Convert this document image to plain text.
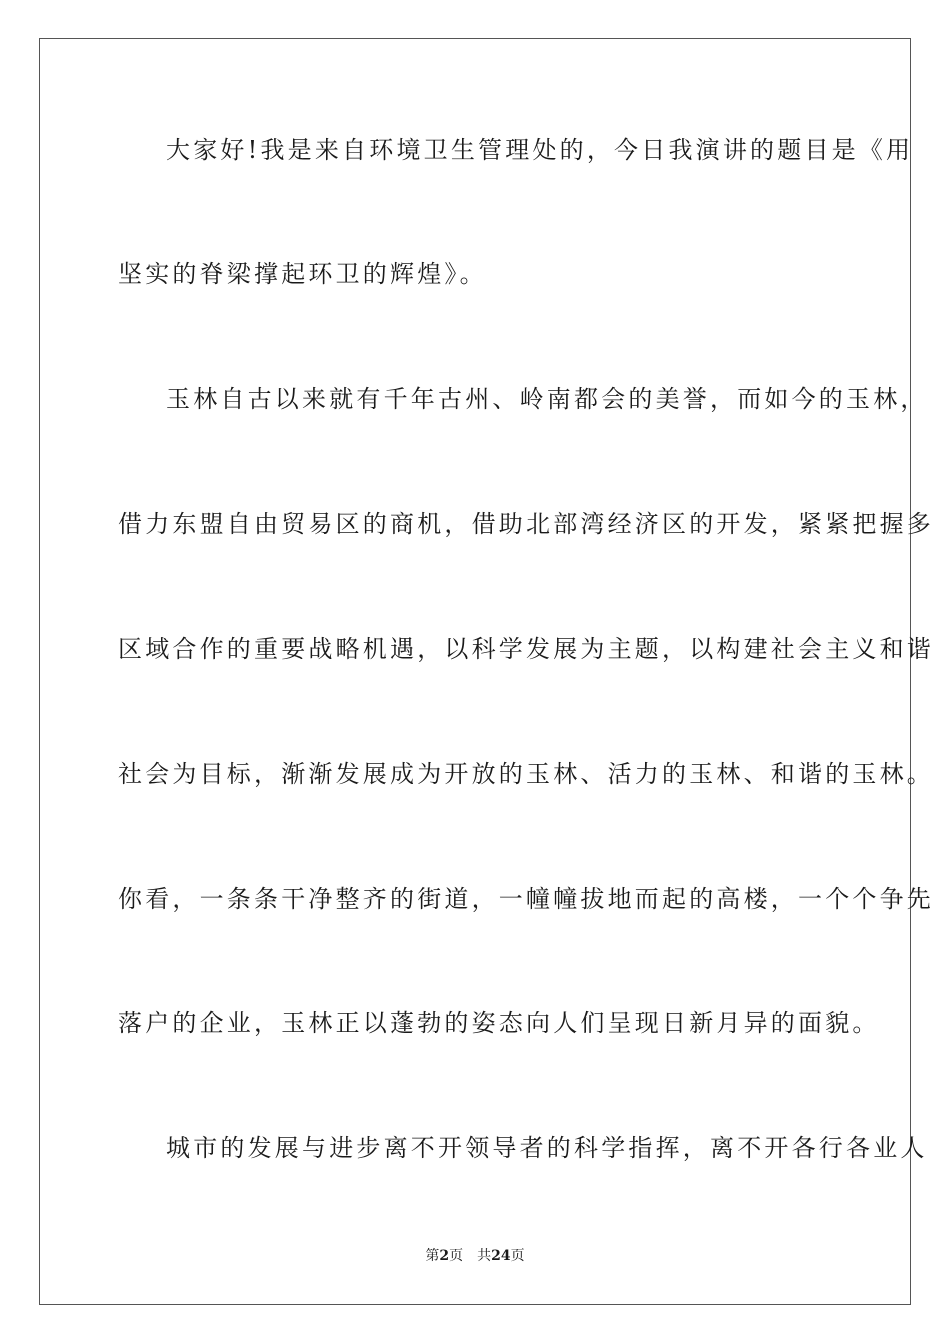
大家好!我是来自环境卫生管理处的，今日我演讲的题目是《用
坚实的脊梁撑起环卫的辉煌》。
玉林自古以来就有千年古州、岭南都会的美誉，而如今的玉林，
借力东盟自由贸易区的商机，借助北部湾经济区的开发，紧紧把握多
区域合作的重要战略机遇，以科学发展为主题，以构建社会主义和谐
社会为目标，渐渐发展成为开放的玉林、活力的玉林、和谐的玉林。
你看，一条条干净整齐的街道，一幢幢拔地而起的高楼，一个个争先
落户的企业，玉林正以蓬勃的姿态向人们呈现日新月异的面貌。
城市的发展与进步离不开领导者的科学指挥，离不开各行各业人
第2页 共24页
